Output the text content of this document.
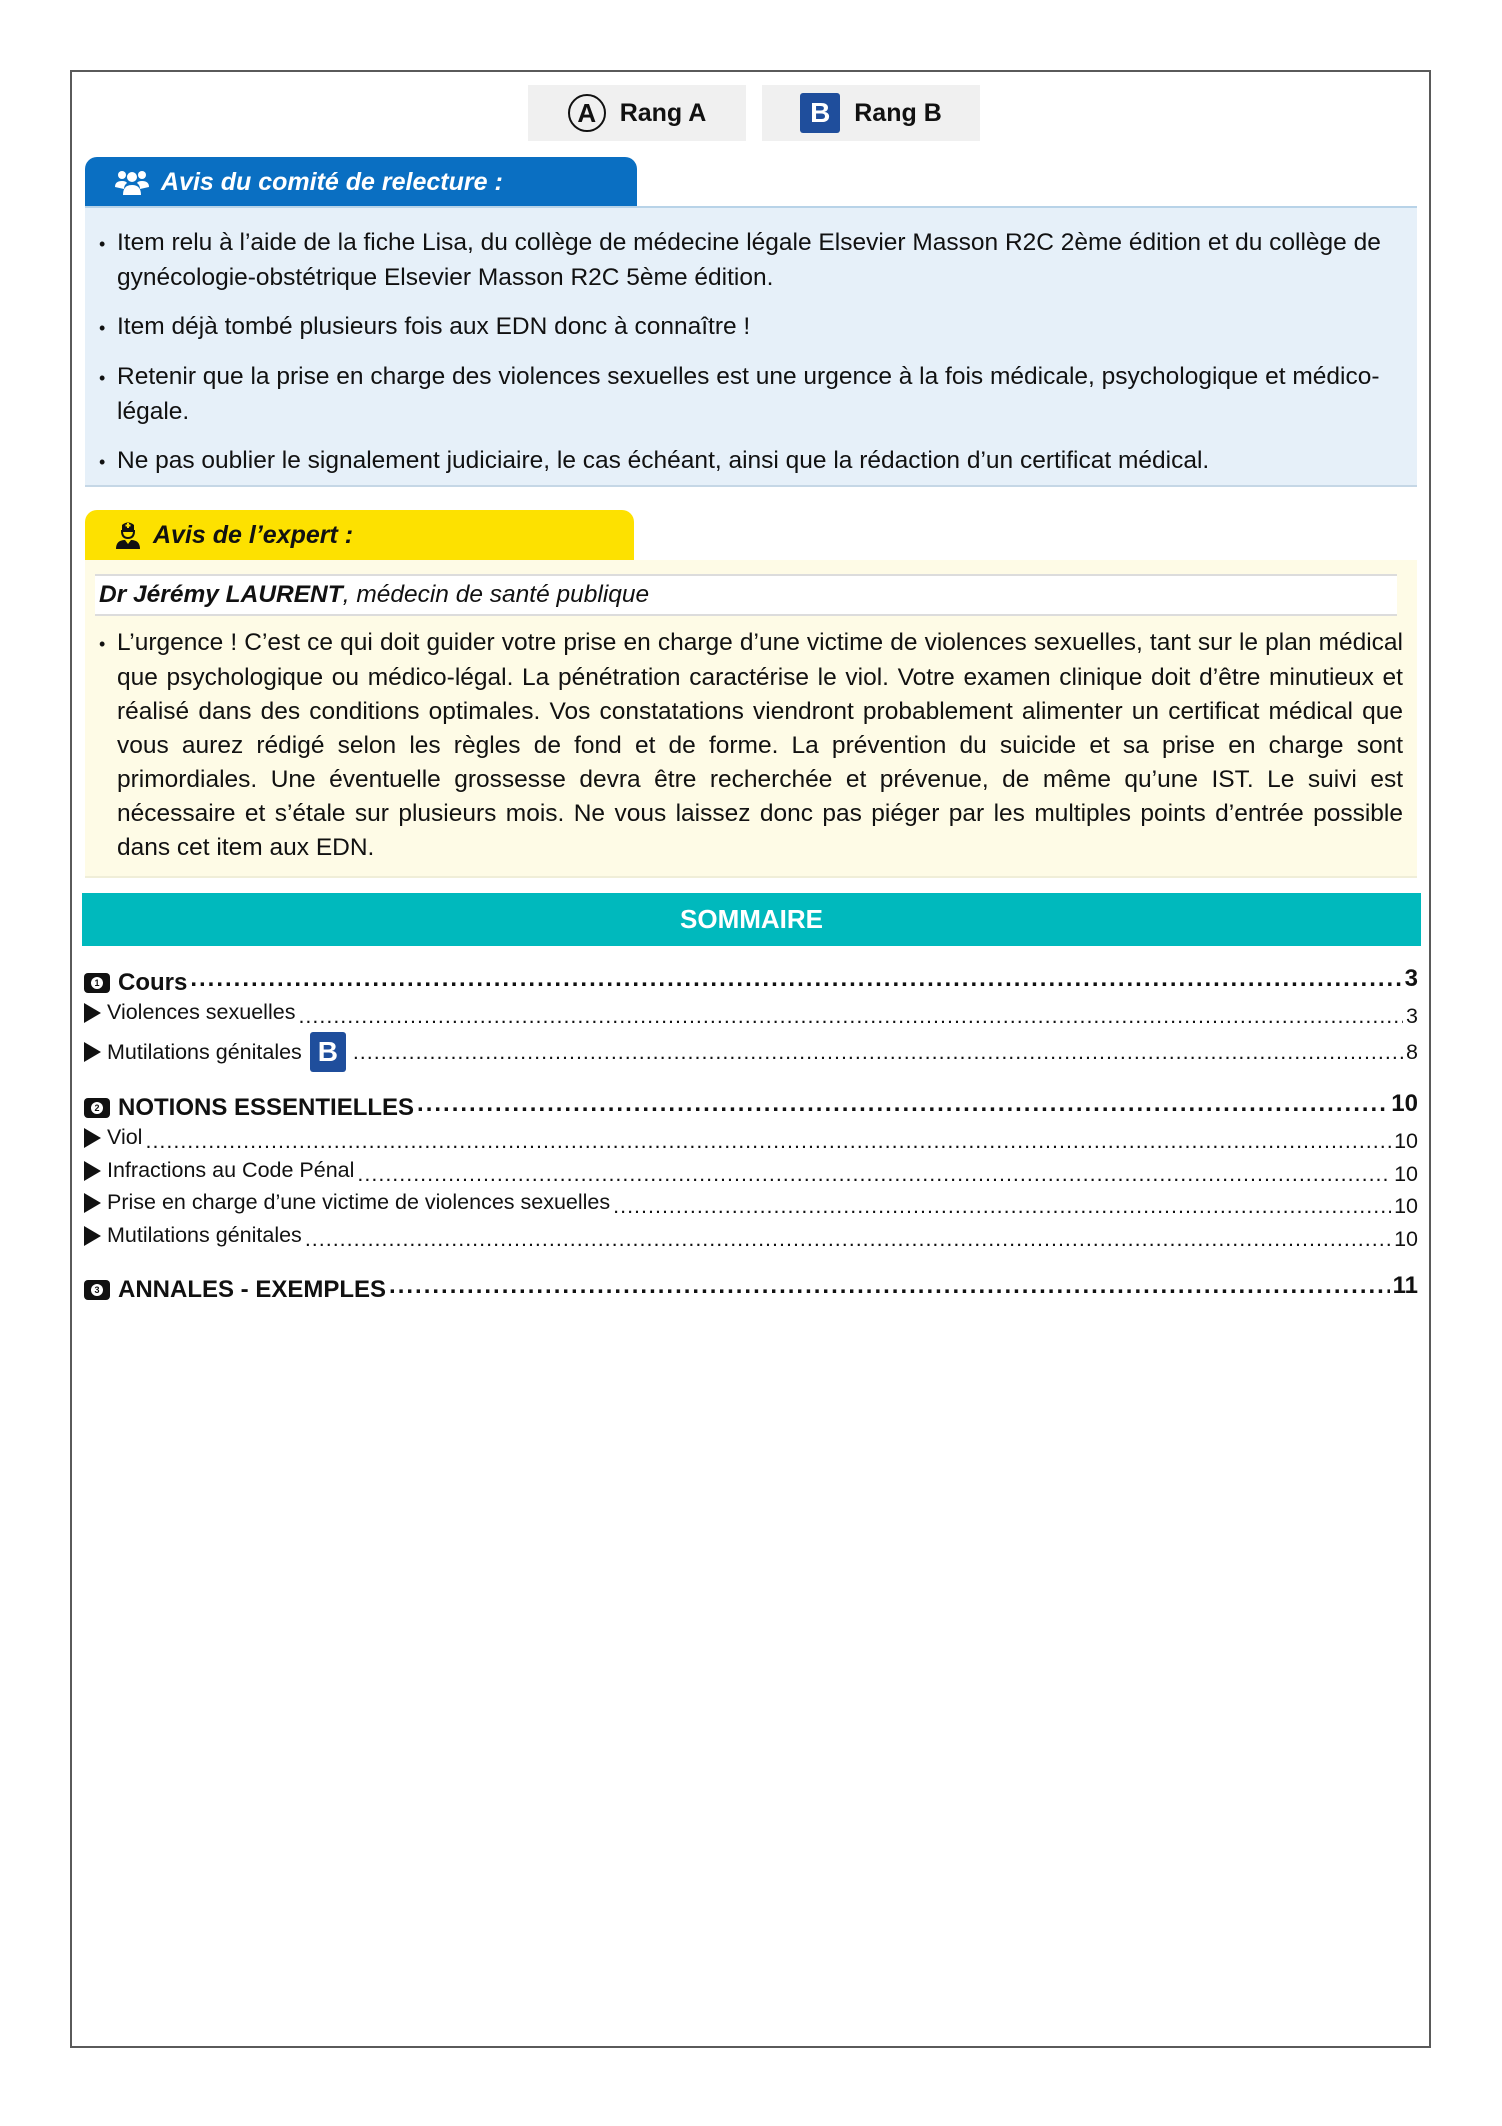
A Rang A	B Rang B
Avis du comité de relecture :
• Item relu à l’aide de la fiche Lisa, du collège de médecine légale Elsevier Masson R2C 2ème édition et du collège de gynécologie-obstétrique Elsevier Masson R2C 5ème édition.
• Item déjà tombé plusieurs fois aux EDN donc à connaître !
• Retenir que la prise en charge des violences sexuelles est une urgence à la fois médicale, psychologique et médico-légale.
• Ne pas oublier le signalement judiciaire, le cas échéant, ainsi que la rédaction d’un certificat médical.
Avis de l’expert :
Dr Jérémy LAURENT, médecin de santé publique
• L’urgence ! C’est ce qui doit guider votre prise en charge d’une victime de violences sexuelles, tant sur le plan médical que psychologique ou médico-légal. La pénétration caractérise le viol. Votre examen clinique doit d’être minutieux et réalisé dans des conditions optimales. Vos constatations viendront probablement alimenter un certificat médical que vous aurez rédigé selon les règles de fond et de forme. La prévention du suicide et sa prise en charge sont primordiales. Une éventuelle grossesse devra être recherchée et prévenue, de même qu’une IST. Le suivi est nécessaire et s’étale sur plusieurs mois. Ne vous laissez donc pas piéger par les multiples points d’entrée possible dans cet item aux EDN.
SOMMAIRE
1 Cours .....	3
Violences sexuelles .....	3
Mutilations génitales B .....	8
2 NOTIONS ESSENTIELLES .....	10
Viol .....	10
Infractions au Code Pénal .....	10
Prise en charge d’une victime de violences sexuelles .....	10
Mutilations génitales .....	10
3 ANNALES - EXEMPLES .....	11
